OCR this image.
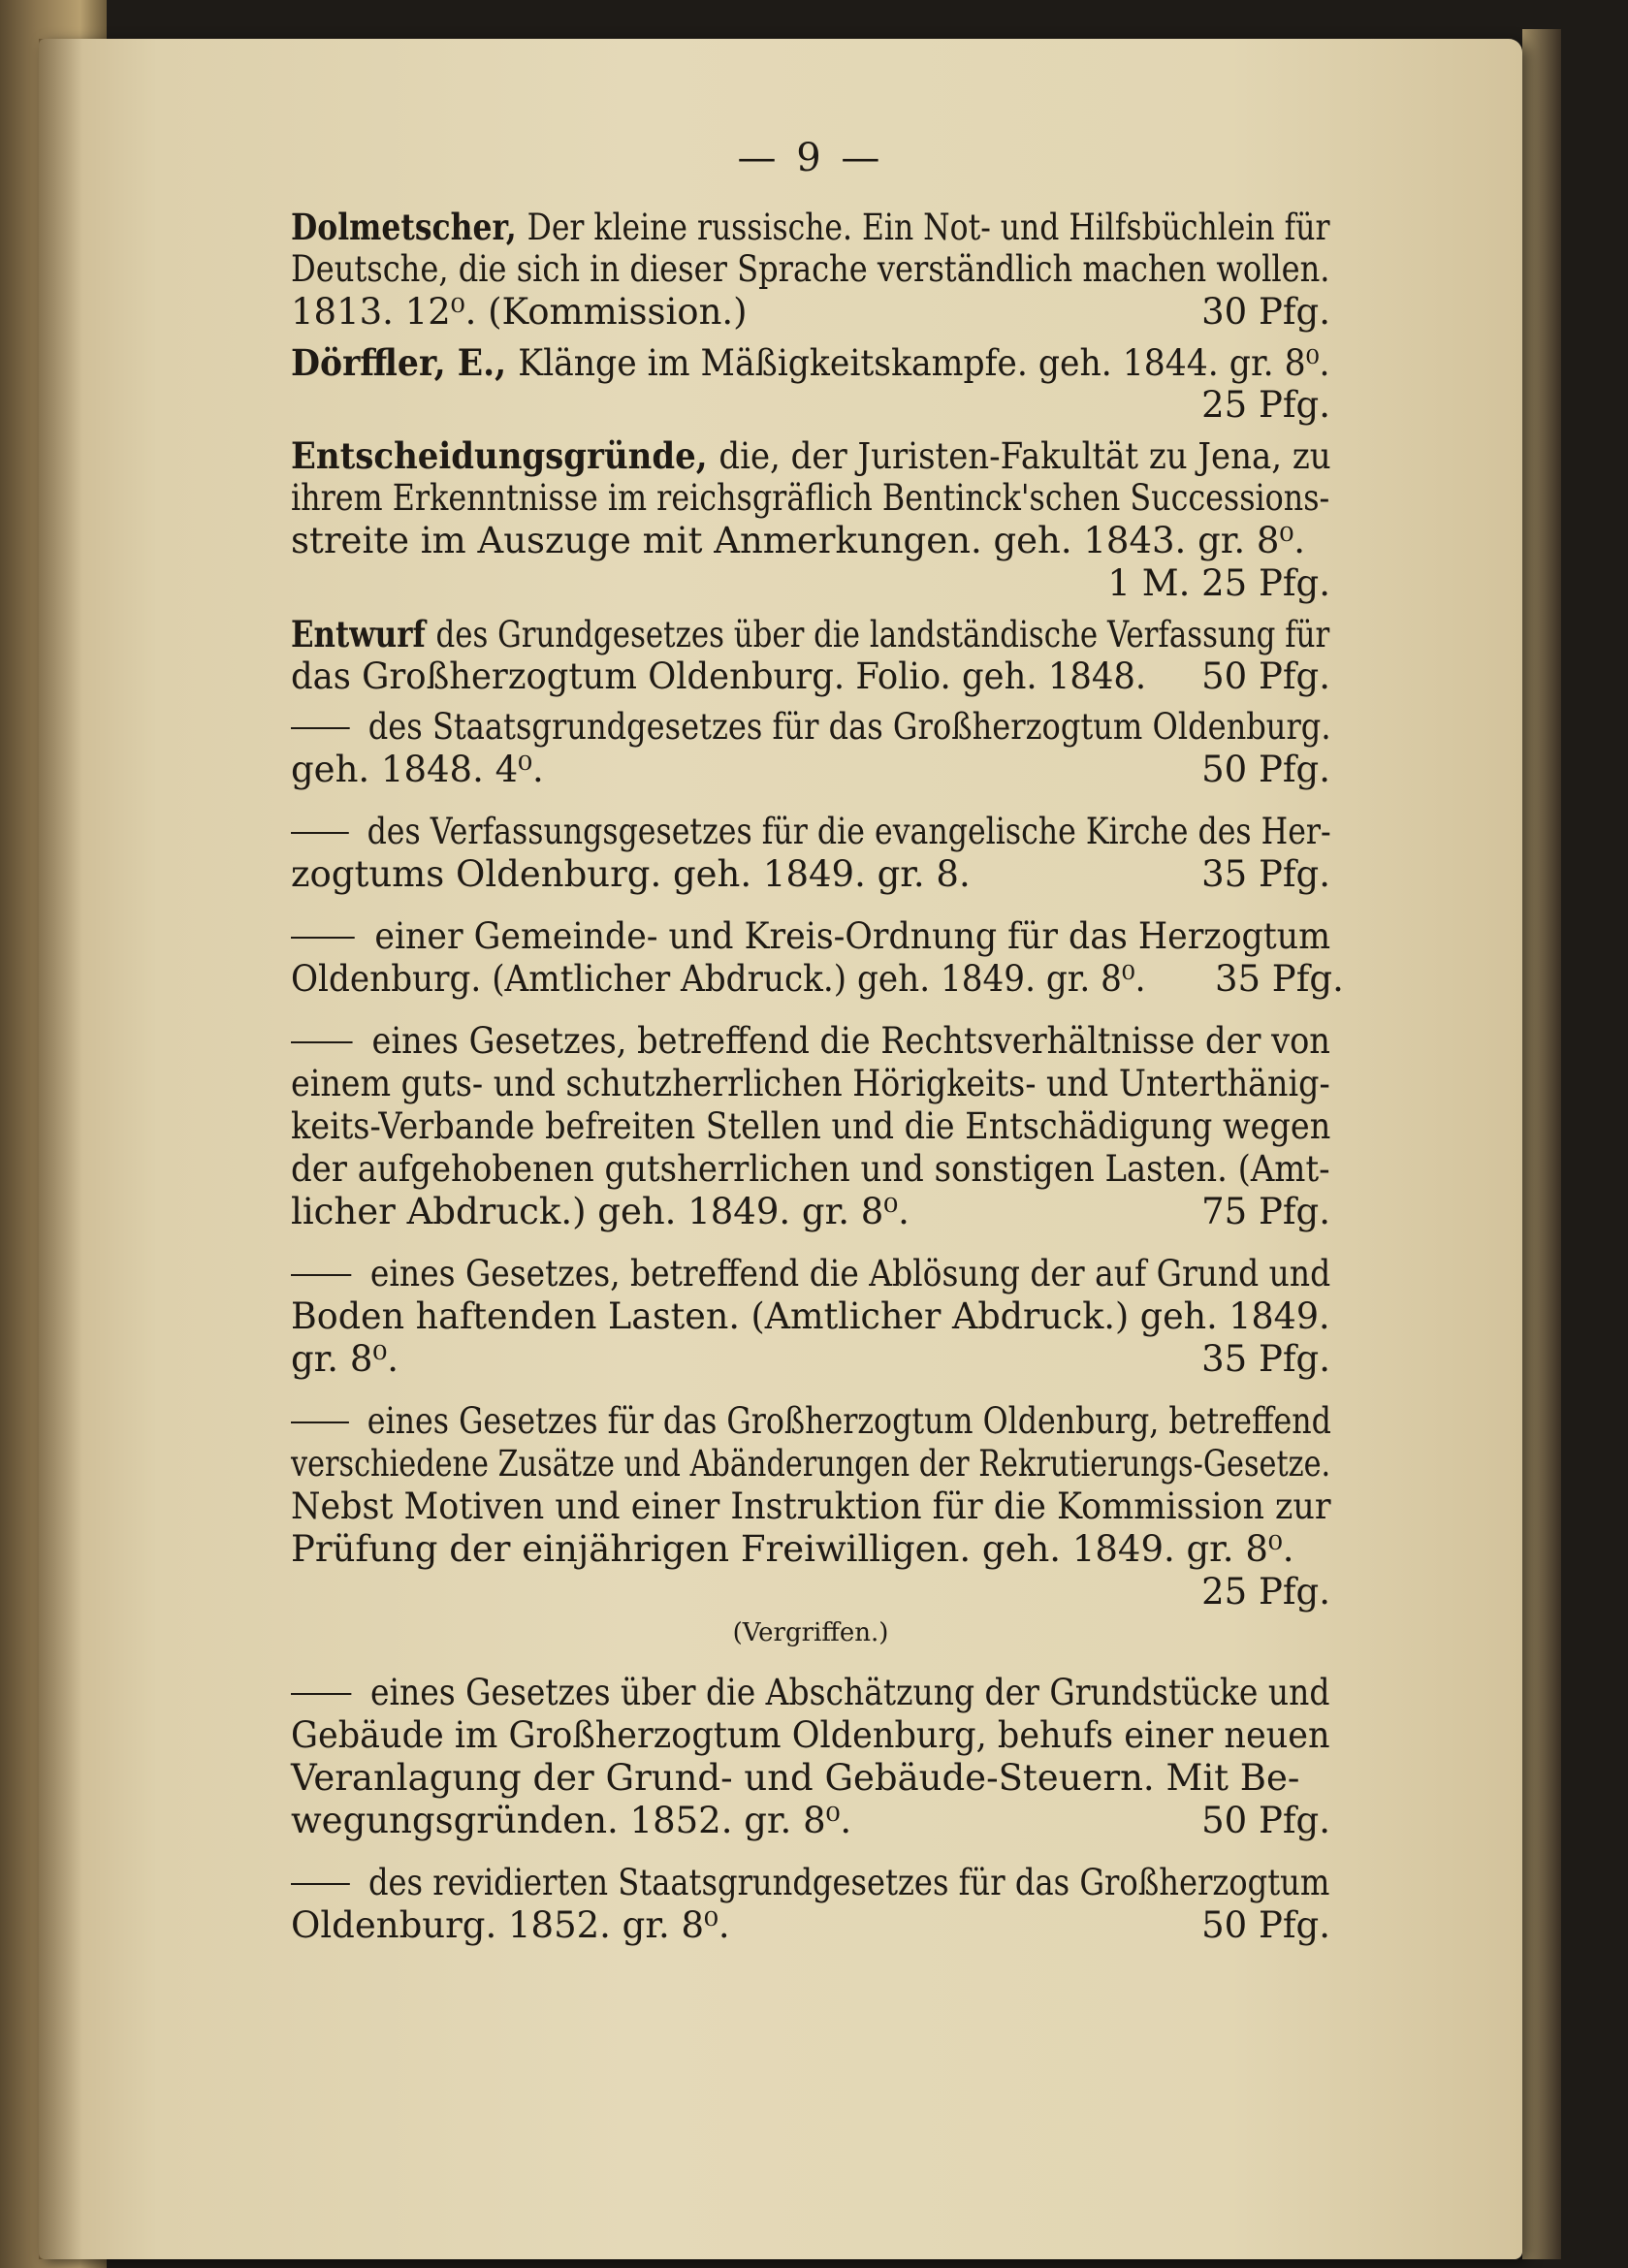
— 9 —
Dolmetscher, Der kleine russische. Ein Not- und Hilfsbüchlein für
Deutsche, die sich in dieser Sprache verständlich machen wollen.
1813. 12⁰. (Kommission.)	30 Pfg.
Dörffler, E., Klänge im Mäßigkeitskampfe. geh. 1844. gr. 8⁰.
25 Pfg.
Entscheidungsgründe, die, der Juristen-Fakultät zu Jena, zu
ihrem Erkenntnisse im reichsgräflich Bentinck'schen Successions-
streite im Auszuge mit Anmerkungen. geh. 1843. gr. 8⁰.
1 M. 25 Pfg.
Entwurf des Grundgesetzes über die landständische Verfassung für
das Großherzogtum Oldenburg. Folio. geh. 1848. 50 Pfg.
des Staatsgrundgesetzes für das Großherzogtum Oldenburg.
geh. 1848. 4⁰.	50 Pfg.
des Verfassungsgesetzes für die evangelische Kirche des Her-
zogtums Oldenburg. geh. 1849. gr. 8.	35 Pfg.
einer Gemeinde- und Kreis-Ordnung für das Herzogtum
Oldenburg. (Amtlicher Abdruck.) geh. 1849. gr. 8⁰. 35 Pfg.
eines Gesetzes, betreffend die Rechtsverhältnisse der von
einem guts- und schutzherrlichen Hörigkeits- und Unterthänig-
keits-Verbande befreiten Stellen und die Entschädigung wegen
der aufgehobenen gutsherrlichen und sonstigen Lasten. (Amt-
licher Abdruck.) geh. 1849. gr. 8⁰.	75 Pfg.
eines Gesetzes, betreffend die Ablösung der auf Grund und
Boden haftenden Lasten. (Amtlicher Abdruck.) geh. 1849.
gr. 8⁰.	35 Pfg.
eines Gesetzes für das Großherzogtum Oldenburg, betreffend
verschiedene Zusätze und Abänderungen der Rekrutierungs-Gesetze.
Nebst Motiven und einer Instruktion für die Kommission zur
Prüfung der einjährigen Freiwilligen. geh. 1849. gr. 8⁰.
25 Pfg.
(Vergriffen.)
eines Gesetzes über die Abschätzung der Grundstücke und
Gebäude im Großherzogtum Oldenburg, behufs einer neuen
Veranlagung der Grund- und Gebäude-Steuern. Mit Be-
wegungsgründen. 1852. gr. 8⁰.	50 Pfg.
des revidierten Staatsgrundgesetzes für das Großherzogtum
Oldenburg. 1852. gr. 8⁰.	50 Pfg.
